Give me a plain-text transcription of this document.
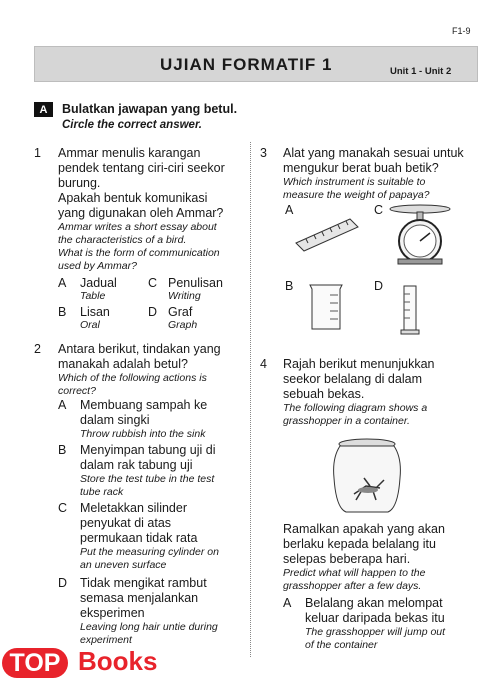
F1-9
UJIAN FORMATIF 1	Unit 1 - Unit 2
A	Bulatkan jawapan yang betul.
Circle the correct answer.
1 Ammar menulis karangan
pendek tentang ciri-ciri seekor
burung.
Apakah bentuk komunikasi
yang digunakan oleh Ammar?
Ammar writes a short essay about
the characteristics of a bird.
What is the form of communication
used by Ammar?
A Jadual
Table
C Penulisan
Writing
B Lisan
Oral
D Graf
Graph
2 Antara berikut, tindakan yang
manakah adalah betul?
Which of the following actions is
correct?
A Membuang sampah ke
dalam singki
Throw rubbish into the sink
B Menyimpan tabung uji di
dalam rak tabung uji
Store the test tube in the test
tube rack
C Meletakkan silinder
penyukat di atas
permukaan tidak rata
Put the measuring cylinder on
an uneven surface
D Tidak mengikat rambut
semasa menjalankan
eksperimen
Leaving long hair untie during
experiment
3 Alat yang manakah sesuai untuk
mengukur berat buah betik?
Which instrument is suitable to
measure the weight of papaya?
A	C
B	D
4 Rajah berikut menunjukkan
seekor belalang di dalam
sebuah bekas.
The following diagram shows a
grasshopper in a container.
Ramalkan apakah yang akan
berlaku kepada belalang itu
selepas beberapa hari.
Predict what will happen to the
grasshopper after a few days.
A Belalang akan melompat
keluar daripada bekas itu
The grasshopper will jump out
of the container
TOP Books
